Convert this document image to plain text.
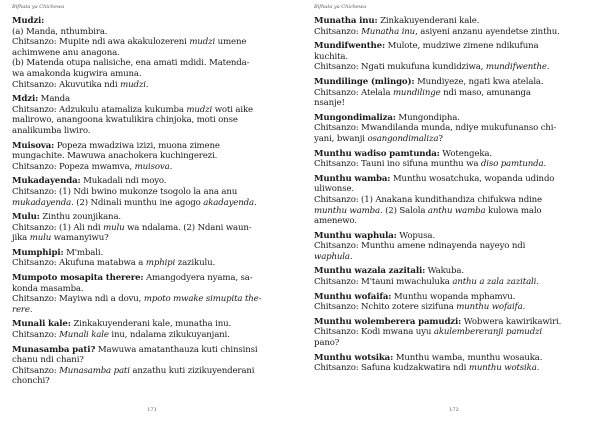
Bifhata ya Chichewa

Mudzi:

(a) Manda, nthumbira.

Chitsanzo: Mupite ndi awa akakulozereni mudzi umene

achimwene anu anagona.

(b) Matenda otupa nalisiche, ena amati mdidi. Matenda-

wa amakonda kugwira amuna.

Chitsanzo: Akuvutika ndi mudzi.

Mdzi: Manda

Chitsanzo: Adzukulu atamaliza kukumba mudzi woti aike

malirowo, anangoona kwatulikira chinjoka, moti onse

analikumba liwiro.

Muisova: Popeza mwadziwa izizi, muona zimene

mungachite. Mawuwa anachokera kuchingerezi.

Chitsanzo: Popeza mwamva, muisova.

Mukadayenda: Mukadali ndi moyo.

Chitsanzo: (1) Ndi bwino mukonze tsogolo la ana anu

mukadayenda. (2) Ndinali munthu ine agogo akadayenda.

Mulu: Zinthu zounjikana.

Chitsanzo: (1) Ali ndi mulu wa ndalama. (2) Ndani waun-

jika mulu wamanyiwu?

Mumphipi: M'mbali.

Chitsanzo: Akufuna matabwa a mphipi zazikulu.

Mumpoto mosapita therere: Amangodyera nyama, sa-

konda masamba.

Chitsanzo: Mayiwa ndi a dovu, mpoto mwake simupita the-

rere.

Munali kale: Zinkakuyenderani kale, munatha inu.

Chitsanzo: Munali kale inu, ndalama zikukuyanjani.

Munasamba pati? Mawuwa amatanthauza kuti chinsinsi

chanu ndi chani?

Chitsanzo: Munasamba pati anzathu kuti zizikuyenderani

chonchi?

171
Bifhata ya Chichewa

Munatha inu: Zinkakuyenderani kale.

Chitsanzo: Munatha inu, asiyeni anzanu ayendetse zinthu.

Mundifwenthe: Mulote, mudziwe zimene ndikufuna

kuchita.

Chitsanzo: Ngati mukufuna kundidziwa, mundifwenthe.

Mundilinge (mlingo): Mundiyeze, ngati kwa atelala.

Chitsanzo: Atelala mundilinge ndi maso, amunanga

nsanje!

Mungondimaliza: Mungondipha.

Chitsanzo: Mwandilanda munda, ndiye mukufunanso chi-

yani, bwanji osangondimaliza?

Munthu wadiso pamtunda: Wotengeka.

Chitsanzo: Tauni ino sifuna munthu wa diso pamtunda.

Munthu wamba: Munthu wosatchuka, wopanda udindo

uliwonse.

Chitsanzo: (1) Anakana kundithandiza chifukwa ndine

munthu wamba. (2) Salola anthu wamba kulowa malo

amenewo.

Munthu waphula: Wopusa.

Chitsanzo: Munthu amene ndinayenda nayeyo ndi

waphula.

Munthu wazala zazitali: Wakuba.

Chitsanzo: M'tauni mwachuluka anthu a zala zazitali.

Munthu wofaifa: Munthu wopanda mphamvu.

Chitsanzo: Nchito zotere sizifuna munthu wofaifa.

Munthu wolemberera pamudzi: Wobwera kawirikawiri.

Chitsanzo: Kodi mwana uyu akulembereranji pamudzi

pano?

Munthu wotsika: Munthu wamba, munthu wosauka.

Chitsanzo: Safuna kudzakwatira ndi munthu wotsika.

172
